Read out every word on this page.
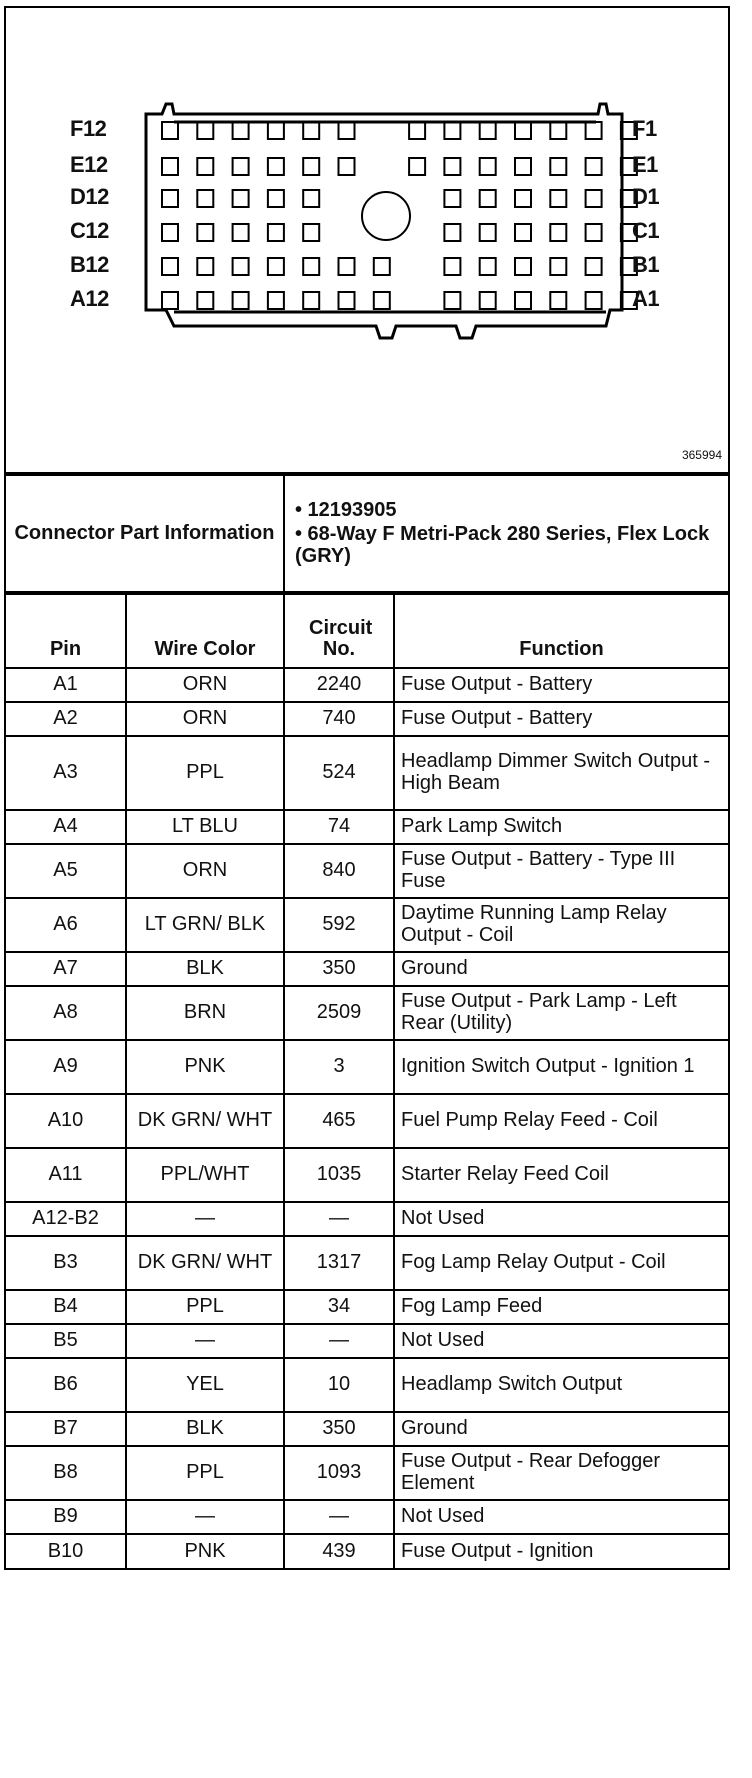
F12
E12
D12
C12
B12
A12
F1
E1
D1
C1
B1
A1
365994
Connector Part Information	
• 12193905
• 68-Way F Metri-Pack 280 Series, Flex Lock (GRY)
Pin	Wire Color	Circuit No.	Function
A1	ORN	2240	Fuse Output - Battery
A2	ORN	740	Fuse Output - Battery
A3	PPL	524	Headlamp Dimmer Switch Output - High Beam
A4	LT BLU	74	Park Lamp Switch
A5	ORN	840	Fuse Output - Battery - Type III Fuse
A6	LT GRN/ BLK	592	Daytime Running Lamp Relay Output - Coil
A7	BLK	350	Ground
A8	BRN	2509	Fuse Output - Park Lamp - Left Rear (Utility)
A9	PNK	3	Ignition Switch Output - Ignition 1
A10	DK GRN/ WHT	465	Fuel Pump Relay Feed - Coil
A11	PPL/WHT	1035	Starter Relay Feed Coil
A12-B2	—	—	Not Used
B3	DK GRN/ WHT	1317	Fog Lamp Relay Output - Coil
B4	PPL	34	Fog Lamp Feed
B5	—	—	Not Used
B6	YEL	10	Headlamp Switch Output
B7	BLK	350	Ground
B8	PPL	1093	Fuse Output - Rear Defogger Element
B9	—	—	Not Used
B10	PNK	439	Fuse Output - Ignition
